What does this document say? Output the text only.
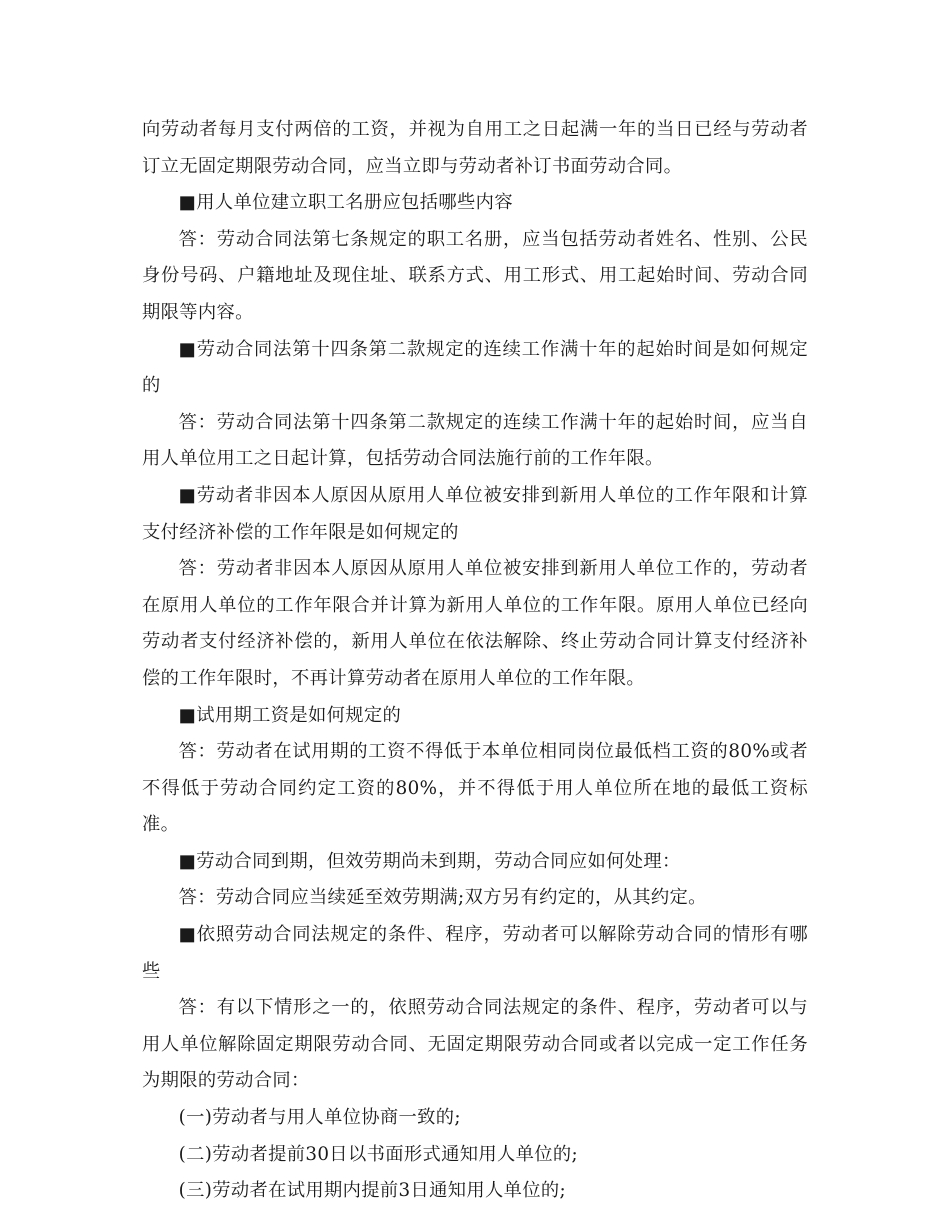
向劳动者每月支付两倍的工资，并视为自用工之日起满一年的当日已经与劳动者订立无固定期限劳动合同，应当立即与劳动者补订书面劳动合同。

■用人单位建立职工名册应包括哪些内容

答：劳动合同法第七条规定的职工名册，应当包括劳动者姓名、性别、公民身份号码、户籍地址及现住址、联系方式、用工形式、用工起始时间、劳动合同期限等内容。

■劳动合同法第十四条第二款规定的连续工作满十年的起始时间是如何规定的

答：劳动合同法第十四条第二款规定的连续工作满十年的起始时间，应当自用人单位用工之日起计算，包括劳动合同法施行前的工作年限。

■劳动者非因本人原因从原用人单位被安排到新用人单位的工作年限和计算支付经济补偿的工作年限是如何规定的

答：劳动者非因本人原因从原用人单位被安排到新用人单位工作的，劳动者在原用人单位的工作年限合并计算为新用人单位的工作年限。原用人单位已经向劳动者支付经济补偿的，新用人单位在依法解除、终止劳动合同计算支付经济补偿的工作年限时，不再计算劳动者在原用人单位的工作年限。

■试用期工资是如何规定的

答：劳动者在试用期的工资不得低于本单位相同岗位最低档工资的80%或者不得低于劳动合同约定工资的80%，并不得低于用人单位所在地的最低工资标准。

■劳动合同到期，但效劳期尚未到期，劳动合同应如何处理：

答：劳动合同应当续延至效劳期满;双方另有约定的，从其约定。

■依照劳动合同法规定的条件、程序，劳动者可以解除劳动合同的情形有哪些

答：有以下情形之一的，依照劳动合同法规定的条件、程序，劳动者可以与用人单位解除固定期限劳动合同、无固定期限劳动合同或者以完成一定工作任务为期限的劳动合同：

(一)劳动者与用人单位协商一致的;

(二)劳动者提前30日以书面形式通知用人单位的;

(三)劳动者在试用期内提前3日通知用人单位的;
